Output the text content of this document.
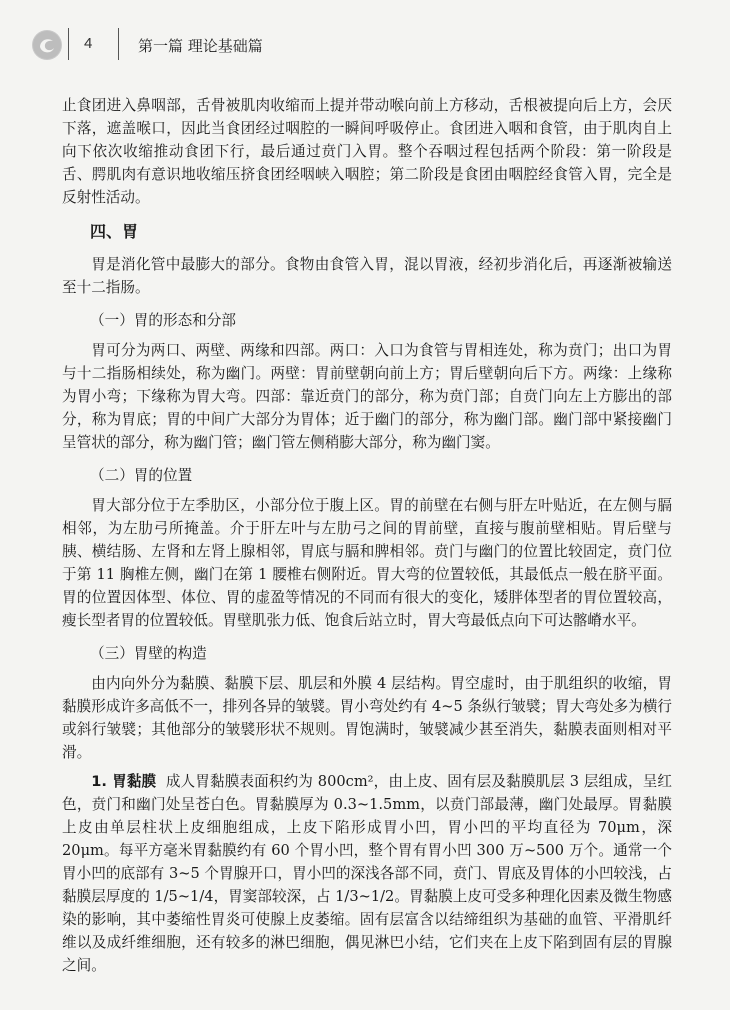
4	第一篇 理论基础篇

止食团进入鼻咽部，舌骨被肌肉收缩而上提并带动喉向前上方移动，舌根被提向后上方，会厌下落，遮盖喉口，因此当食团经过咽腔的一瞬间呼吸停止。食团进入咽和食管，由于肌肉自上向下依次收缩推动食团下行，最后通过贲门入胃。整个吞咽过程包括两个阶段：第一阶段是舌、腭肌肉有意识地收缩压挤食团经咽峡入咽腔；第二阶段是食团由咽腔经食管入胃，完全是反射性活动。

四、胃

胃是消化管中最膨大的部分。食物由食管入胃，混以胃液，经初步消化后，再逐渐被输送至十二指肠。

（一）胃的形态和分部

胃可分为两口、两壁、两缘和四部。两口：入口为食管与胃相连处，称为贲门；出口为胃与十二指肠相续处，称为幽门。两壁：胃前壁朝向前上方；胃后壁朝向后下方。两缘：上缘称为胃小弯；下缘称为胃大弯。四部：靠近贲门的部分，称为贲门部；自贲门向左上方膨出的部分，称为胃底；胃的中间广大部分为胃体；近于幽门的部分，称为幽门部。幽门部中紧接幽门呈管状的部分，称为幽门管；幽门管左侧稍膨大部分，称为幽门窦。

（二）胃的位置

胃大部分位于左季肋区，小部分位于腹上区。胃的前壁在右侧与肝左叶贴近，在左侧与膈相邻，为左肋弓所掩盖。介于肝左叶与左肋弓之间的胃前壁，直接与腹前壁相贴。胃后壁与胰、横结肠、左肾和左肾上腺相邻，胃底与膈和脾相邻。贲门与幽门的位置比较固定，贲门位于第 11 胸椎左侧，幽门在第 1 腰椎右侧附近。胃大弯的位置较低，其最低点一般在脐平面。胃的位置因体型、体位、胃的虚盈等情况的不同而有很大的变化，矮胖体型者的胃位置较高，瘦长型者胃的位置较低。胃壁肌张力低、饱食后站立时，胃大弯最低点向下可达髂嵴水平。

（三）胃壁的构造

由内向外分为黏膜、黏膜下层、肌层和外膜 4 层结构。胃空虚时，由于肌组织的收缩，胃黏膜形成许多高低不一，排列各异的皱襞。胃小弯处约有 4~5 条纵行皱襞；胃大弯处多为横行或斜行皱襞；其他部分的皱襞形状不规则。胃饱满时，皱襞减少甚至消失，黏膜表面则相对平滑。

1. 胃黏膜 成人胃黏膜表面积约为 800cm²，由上皮、固有层及黏膜肌层 3 层组成，呈红色，贲门和幽门处呈苍白色。胃黏膜厚为 0.3~1.5mm，以贲门部最薄，幽门处最厚。胃黏膜上皮由单层柱状上皮细胞组成，上皮下陷形成胃小凹，胃小凹的平均直径为 70μm，深 20μm。每平方毫米胃黏膜约有 60 个胃小凹，整个胃有胃小凹 300 万~500 万个。通常一个胃小凹的底部有 3~5 个胃腺开口，胃小凹的深浅各部不同，贲门、胃底及胃体的小凹较浅，占黏膜层厚度的 1/5~1/4，胃窦部较深，占 1/3~1/2。胃黏膜上皮可受多种理化因素及微生物感染的影响，其中萎缩性胃炎可使腺上皮萎缩。固有层富含以结缔组织为基础的血管、平滑肌纤维以及成纤维细胞，还有较多的淋巴细胞，偶见淋巴小结，它们夹在上皮下陷到固有层的胃腺之间。
